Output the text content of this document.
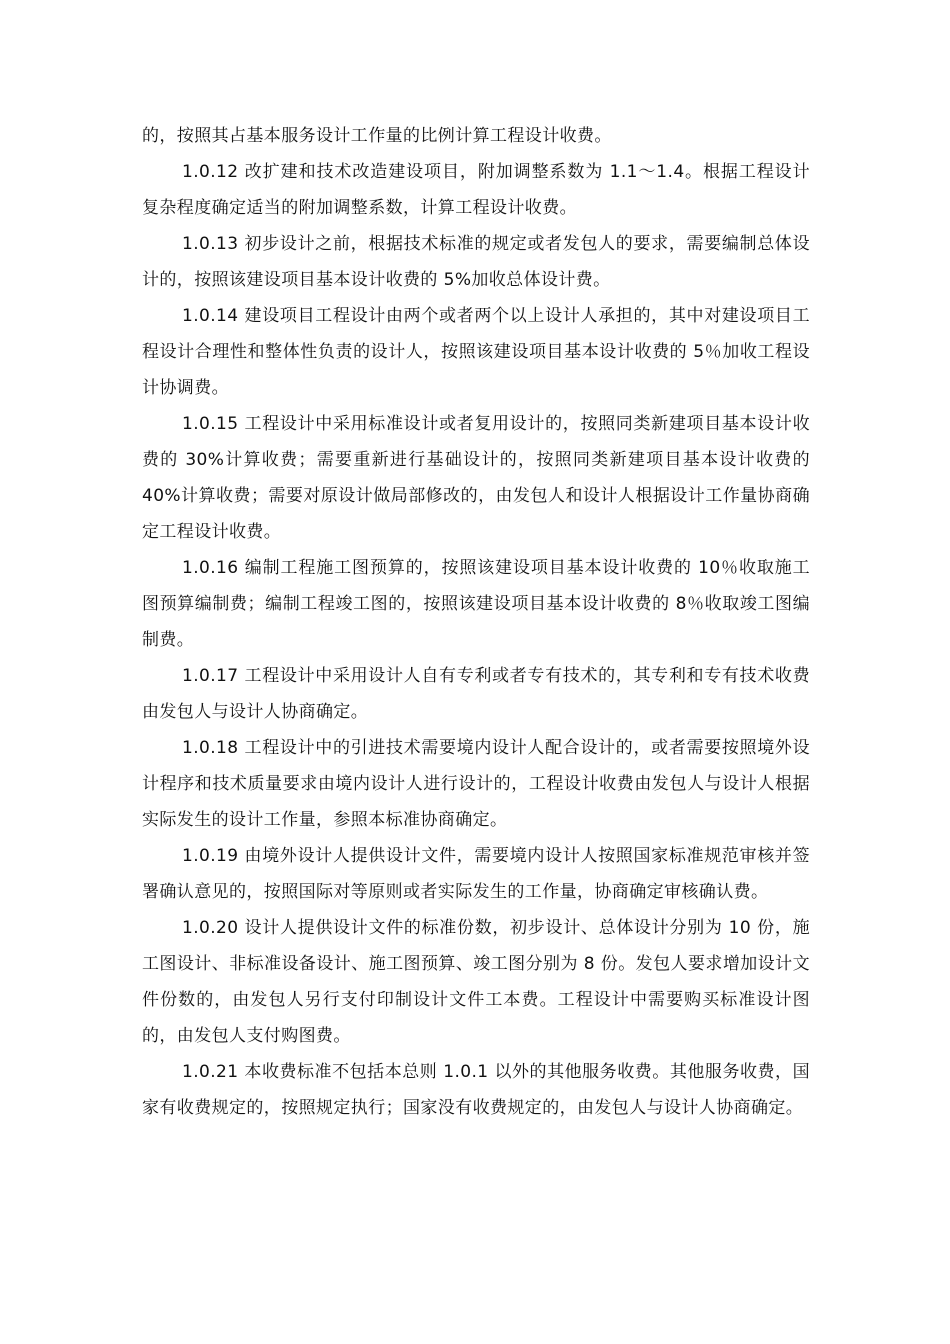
的，按照其占基本服务设计工作量的比例计算工程设计收费。

1.0.12 改扩建和技术改造建设项目，附加调整系数为 1.1～1.4。根据工程设计复杂程度确定适当的附加调整系数，计算工程设计收费。

1.0.13 初步设计之前，根据技术标准的规定或者发包人的要求，需要编制总体设计的，按照该建设项目基本设计收费的 5%加收总体设计费。

1.0.14 建设项目工程设计由两个或者两个以上设计人承担的，其中对建设项目工程设计合理性和整体性负责的设计人，按照该建设项目基本设计收费的 5％加收工程设计协调费。

1.0.15 工程设计中采用标准设计或者复用设计的，按照同类新建项目基本设计收费的 30%计算收费；需要重新进行基础设计的，按照同类新建项目基本设计收费的 40%计算收费；需要对原设计做局部修改的，由发包人和设计人根据设计工作量协商确定工程设计收费。

1.0.16 编制工程施工图预算的，按照该建设项目基本设计收费的 10％收取施工图预算编制费；编制工程竣工图的，按照该建设项目基本设计收费的 8％收取竣工图编制费。

1.0.17 工程设计中采用设计人自有专利或者专有技术的，其专利和专有技术收费由发包人与设计人协商确定。

1.0.18 工程设计中的引进技术需要境内设计人配合设计的，或者需要按照境外设计程序和技术质量要求由境内设计人进行设计的，工程设计收费由发包人与设计人根据实际发生的设计工作量，参照本标准协商确定。

1.0.19 由境外设计人提供设计文件，需要境内设计人按照国家标准规范审核并签署确认意见的，按照国际对等原则或者实际发生的工作量，协商确定审核确认费。

1.0.20 设计人提供设计文件的标准份数，初步设计、总体设计分别为 10 份，施工图设计、非标准设备设计、施工图预算、竣工图分别为 8 份。发包人要求增加设计文件份数的，由发包人另行支付印制设计文件工本费。工程设计中需要购买标准设计图的，由发包人支付购图费。

1.0.21 本收费标准不包括本总则 1.0.1 以外的其他服务收费。其他服务收费，国家有收费规定的，按照规定执行；国家没有收费规定的，由发包人与设计人协商确定。
